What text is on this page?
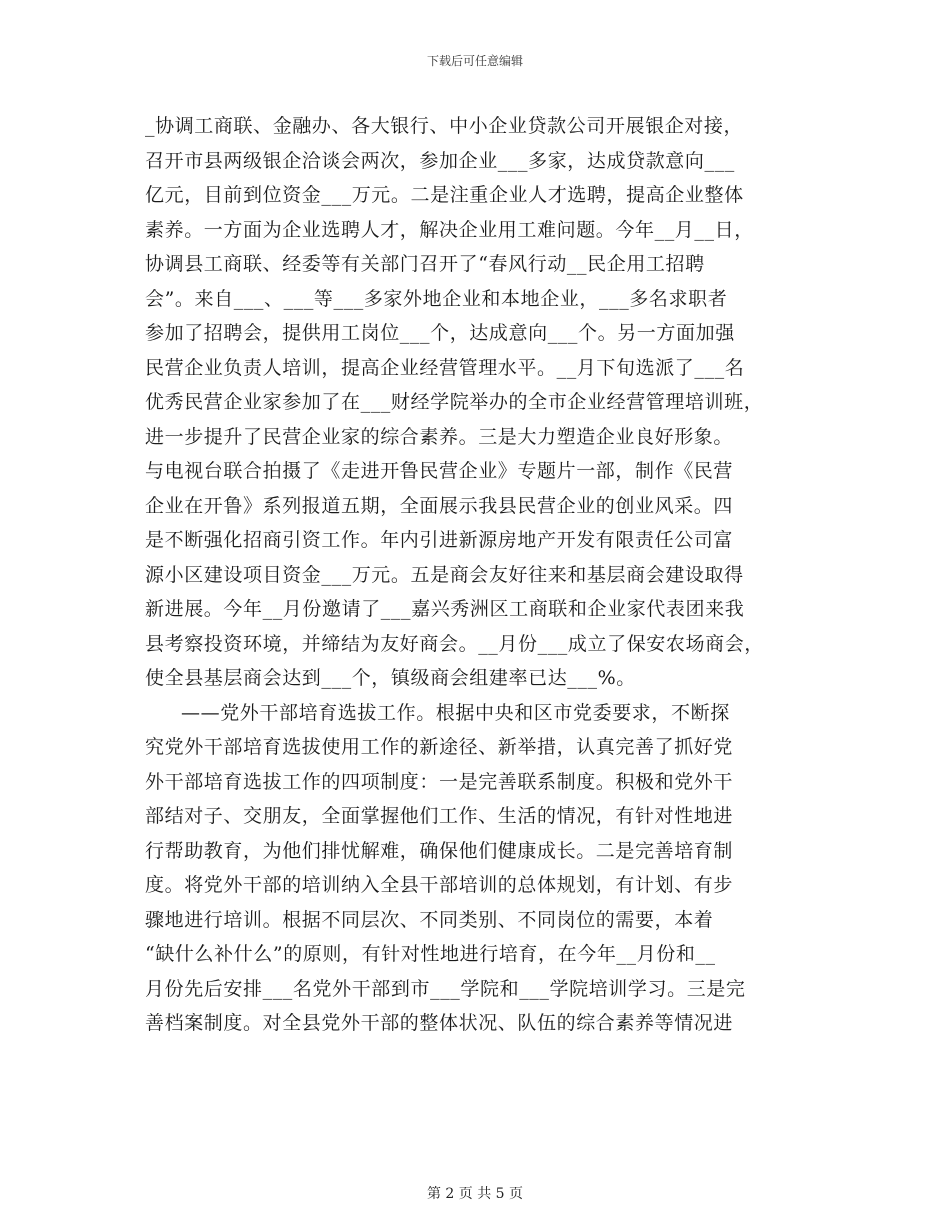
下载后可任意编辑
_协调工商联、金融办、各大银行、中小企业贷款公司开展银企对接，
召开市县两级银企洽谈会两次，参加企业___多家，达成贷款意向___
亿元，目前到位资金___万元。二是注重企业人才选聘，提高企业整体
素养。一方面为企业选聘人才，解决企业用工难问题。今年__月__日，
协调县工商联、经委等有关部门召开了“春风行动__民企用工招聘
会”。来自___、___等___多家外地企业和本地企业，___多名求职者
参加了招聘会，提供用工岗位___个，达成意向___个。另一方面加强
民营企业负责人培训，提高企业经营管理水平。__月下旬选派了___名
优秀民营企业家参加了在___财经学院举办的全市企业经营管理培训班，
进一步提升了民营企业家的综合素养。三是大力塑造企业良好形象。
与电视台联合拍摄了《走进开鲁民营企业》专题片一部，制作《民营
企业在开鲁》系列报道五期，全面展示我县民营企业的创业风采。四
是不断强化招商引资工作。年内引进新源房地产开发有限责任公司富
源小区建设项目资金___万元。五是商会友好往来和基层商会建设取得
新进展。今年__月份邀请了___嘉兴秀洲区工商联和企业家代表团来我
县考察投资环境，并缔结为友好商会。__月份___成立了保安农场商会，
使全县基层商会达到___个，镇级商会组建率已达___%。
——党外干部培育选拔工作。根据中央和区市党委要求，不断探
究党外干部培育选拔使用工作的新途径、新举措，认真完善了抓好党
外干部培育选拔工作的四项制度：一是完善联系制度。积极和党外干
部结对子、交朋友，全面掌握他们工作、生活的情况，有针对性地进
行帮助教育，为他们排忧解难，确保他们健康成长。二是完善培育制
度。将党外干部的培训纳入全县干部培训的总体规划，有计划、有步
骤地进行培训。根据不同层次、不同类别、不同岗位的需要，本着
“缺什么补什么”的原则，有针对性地进行培育，在今年__月份和__
月份先后安排___名党外干部到市___学院和___学院培训学习。三是完
善档案制度。对全县党外干部的整体状况、队伍的综合素养等情况进
第 2 页 共 5 页
